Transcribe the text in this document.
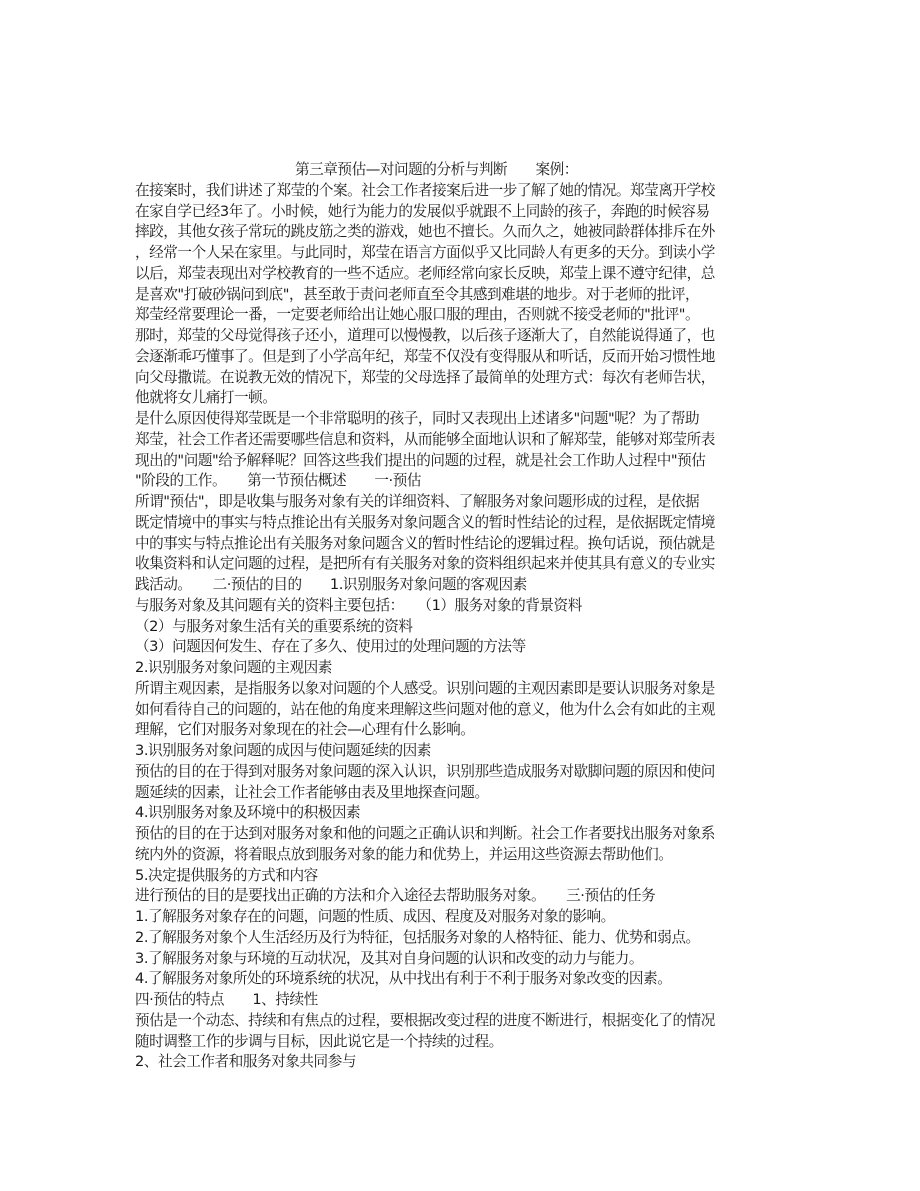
第三章预估—对问题的分析与判断　　案例：
在接案时，我们讲述了郑莹的个案。社会工作者接案后进一步了解了她的情况。郑莹离开学校
在家自学已经3年了。小时候，她行为能力的发展似乎就跟不上同龄的孩子，奔跑的时候容易
摔跤，其他女孩子常玩的跳皮筋之类的游戏，她也不擅长。久而久之，她被同龄群体排斥在外
，经常一个人呆在家里。与此同时，郑莹在语言方面似乎又比同龄人有更多的天分。到读小学
以后，郑莹表现出对学校教育的一些不适应。老师经常向家长反映，郑莹上课不遵守纪律，总
是喜欢"打破砂锅问到底"，甚至敢于责问老师直至令其感到难堪的地步。对于老师的批评，
郑莹经常要理论一番，一定要老师给出让她心服口服的理由，否则就不接受老师的"批评"。
那时，郑莹的父母觉得孩子还小，道理可以慢慢教，以后孩子逐渐大了，自然能说得通了，也
会逐渐乖巧懂事了。但是到了小学高年纪，郑莹不仅没有变得服从和听话，反而开始习惯性地
向父母撒谎。在说教无效的情况下，郑莹的父母选择了最简单的处理方式：每次有老师告状，
他就将女儿痛打一顿。
是什么原因使得郑莹既是一个非常聪明的孩子，同时又表现出上述诸多"问题"呢？为了帮助
郑莹，社会工作者还需要哪些信息和资料，从而能够全面地认识和了解郑莹，能够对郑莹所表
现出的"问题"给予解释呢？回答这些我们提出的问题的过程，就是社会工作助人过程中"预估
"阶段的工作。　　第一节预估概述　　一·预估
所谓"预估"，即是收集与服务对象有关的详细资料、了解服务对象问题形成的过程，是依据
既定情境中的事实与特点推论出有关服务对象问题含义的暂时性结论的过程，是依据既定情境
中的事实与特点推论出有关服务对象问题含义的暂时性结论的逻辑过程。换句话说，预估就是
收集资料和认定问题的过程，是把所有有关服务对象的资料组织起来并使其具有意义的专业实
践活动。　　二·预估的目的　　1.识别服务对象问题的客观因素
与服务对象及其问题有关的资料主要包括：　　（1）服务对象的背景资料
（2）与服务对象生活有关的重要系统的资料
（3）问题因何发生、存在了多久、使用过的处理问题的方法等
2.识别服务对象问题的主观因素
所谓主观因素，是指服务以象对问题的个人感受。识别问题的主观因素即是要认识服务对象是
如何看待自己的问题的，站在他的角度来理解这些问题对他的意义，他为什么会有如此的主观
理解，它们对服务对象现在的社会—心理有什么影响。
3.识别服务对象问题的成因与使问题延续的因素
预估的目的在于得到对服务对象问题的深入认识，识别那些造成服务对歇脚问题的原因和使问
题延续的因素，让社会工作者能够由表及里地探查问题。
4.识别服务对象及环境中的积极因素
预估的目的在于达到对服务对象和他的问题之正确认识和判断。社会工作者要找出服务对象系
统内外的资源，将着眼点放到服务对象的能力和优势上，并运用这些资源去帮助他们。
5.决定提供服务的方式和内容
进行预估的目的是要找出正确的方法和介入途径去帮助服务对象。　　三·预估的任务
1.了解服务对象存在的问题，问题的性质、成因、程度及对服务对象的影响。
2.了解服务对象个人生活经历及行为特征，包括服务对象的人格特征、能力、优势和弱点。
3.了解服务对象与环境的互动状况，及其对自身问题的认识和改变的动力与能力。
4.了解服务对象所处的环境系统的状况，从中找出有利于不利于服务对象改变的因素。
四·预估的特点　　1、持续性
预估是一个动态、持续和有焦点的过程，要根据改变过程的进度不断进行，根据变化了的情况
随时调整工作的步调与目标，因此说它是一个持续的过程。
2、社会工作者和服务对象共同参与
